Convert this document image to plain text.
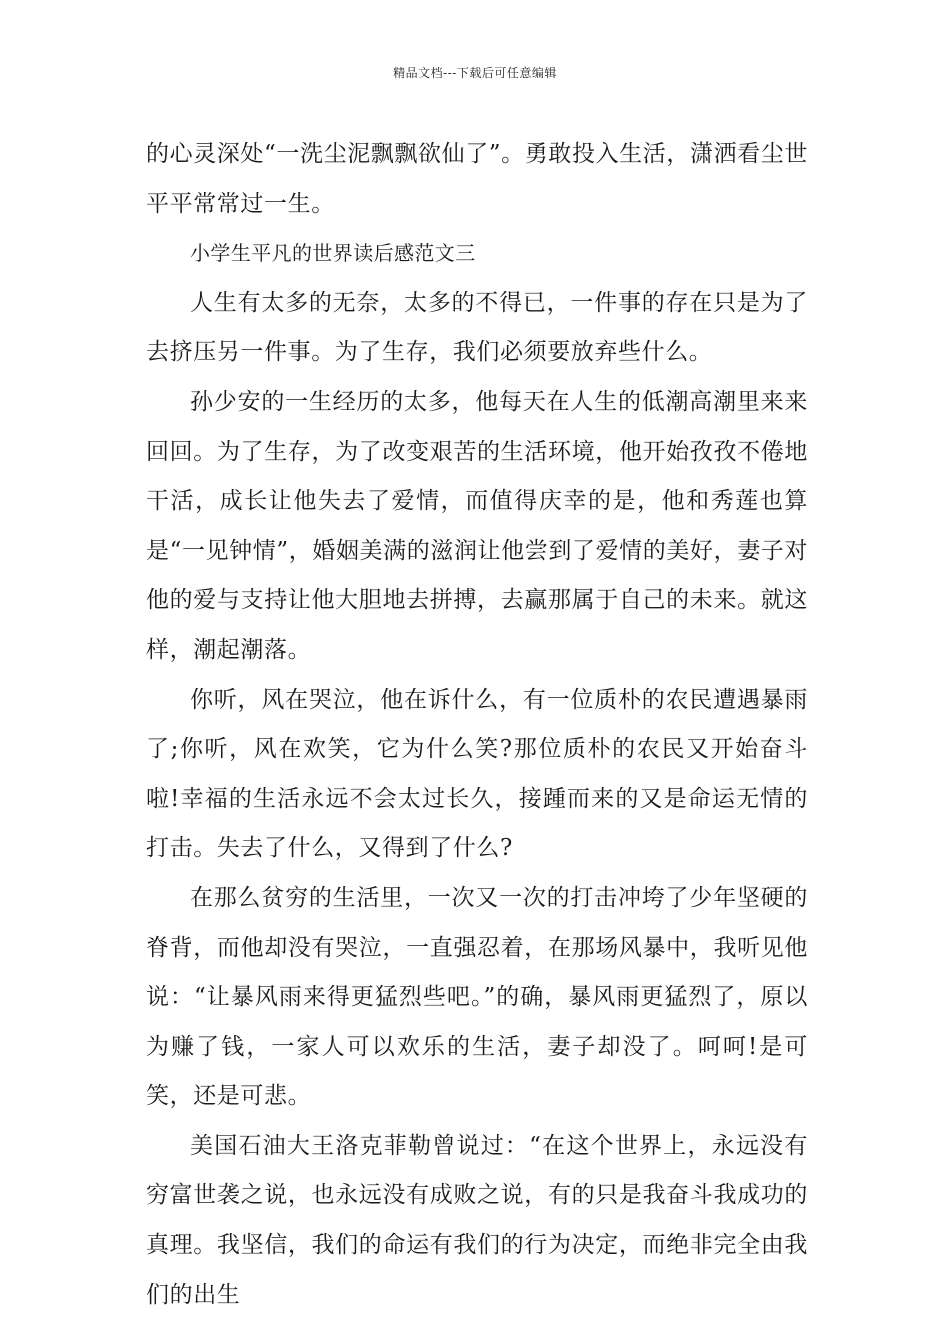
精品文档---下载后可任意编辑

的心灵深处“一洗尘泥飘飘欲仙了”。勇敢投入生活，潇洒看尘世平平常常过一生。

小学生平凡的世界读后感范文三

人生有太多的无奈，太多的不得已，一件事的存在只是为了去挤压另一件事。为了生存，我们必须要放弃些什么。

孙少安的一生经历的太多，他每天在人生的低潮高潮里来来回回。为了生存，为了改变艰苦的生活环境，他开始孜孜不倦地干活，成长让他失去了爱情，而值得庆幸的是，他和秀莲也算是“一见钟情”，婚姻美满的滋润让他尝到了爱情的美好，妻子对他的爱与支持让他大胆地去拼搏，去赢那属于自己的未来。就这样，潮起潮落。

你听，风在哭泣，他在诉什么，有一位质朴的农民遭遇暴雨了;你听，风在欢笑，它为什么笑?那位质朴的农民又开始奋斗啦!幸福的生活永远不会太过长久，接踵而来的又是命运无情的打击。失去了什么，又得到了什么?

在那么贫穷的生活里，一次又一次的打击冲垮了少年坚硬的脊背，而他却没有哭泣，一直强忍着，在那场风暴中，我听见他说：“让暴风雨来得更猛烈些吧。”的确，暴风雨更猛烈了，原以为赚了钱，一家人可以欢乐的生活，妻子却没了。呵呵!是可笑，还是可悲。

美国石油大王洛克菲勒曾说过：“在这个世界上，永远没有穷富世袭之说，也永远没有成败之说，有的只是我奋斗我成功的真理。我坚信，我们的命运有我们的行为决定，而绝非完全由我们的出生
